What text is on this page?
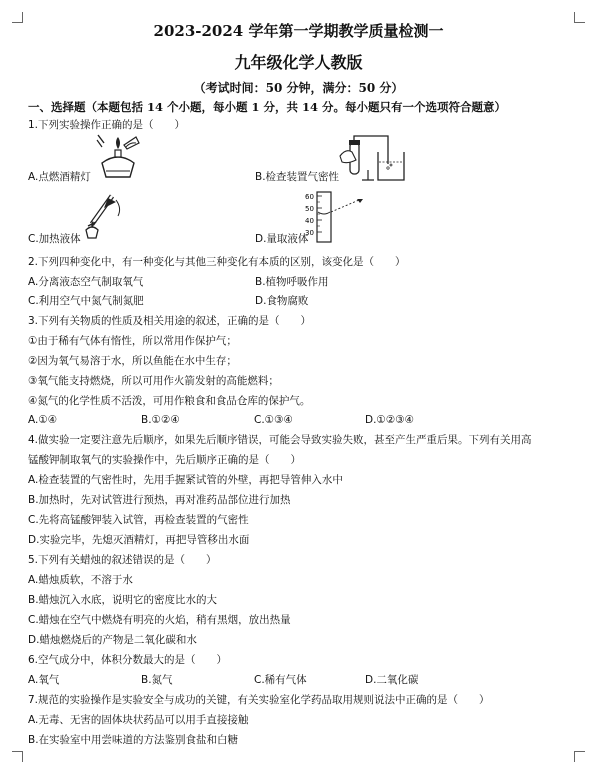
2023-2024 学年第一学期教学质量检测一
九年级化学人教版
（考试时间：50 分钟，满分：50 分）
一、选择题（本题包括 14 个小题，每小题 1 分，共 14 分。每小题只有一个选项符合题意）
1.下列实验操作正确的是（　　）
A.点燃酒精灯	B.检查装置气密性
60
50
40
30
C.加热液体	D.量取液体
2.下列四种变化中，有一种变化与其他三种变化有本质的区别，该变化是（　　）
A.分离液态空气制取氧气	B.植物呼吸作用
C.利用空气中氮气制氮肥	D.食物腐败
3.下列有关物质的性质及相关用途的叙述，正确的是（　　）
①由于稀有气体有惰性，所以常用作保护气；
②因为氧气易溶于水，所以鱼能在水中生存；
③氧气能支持燃烧，所以可用作火箭发射的高能燃料；
④氮气的化学性质不活泼，可用作粮食和食品仓库的保护气。
A.①④	B.①②④	C.①③④	D.①②③④
4.做实验一定要注意先后顺序，如果先后顺序错误，可能会导致实验失败，甚至产生严重后果。下列有关用高
锰酸钾制取氧气的实验操作中，先后顺序正确的是（　　）
A.检查装置的气密性时，先用手握紧试管的外壁，再把导管伸入水中
B.加热时，先对试管进行预热，再对准药品部位进行加热
C.先将高锰酸钾装入试管，再检查装置的气密性
D.实验完毕，先熄灭酒精灯，再把导管移出水面
5.下列有关蜡烛的叙述错误的是（　　）
A.蜡烛质软，不溶于水
B.蜡烛沉入水底，说明它的密度比水的大
C.蜡烛在空气中燃烧有明亮的火焰，稍有黑烟，放出热量
D.蜡烛燃烧后的产物是二氧化碳和水
6.空气成分中，体积分数最大的是（　　）
A.氧气	B.氮气	C.稀有气体	D.二氧化碳
7.规范的实验操作是实验安全与成功的关键，有关实验室化学药品取用规则说法中正确的是（　　）
A.无毒、无害的固体块状药品可以用手直接接触
B.在实验室中用尝味道的方法鉴别食盐和白糖
